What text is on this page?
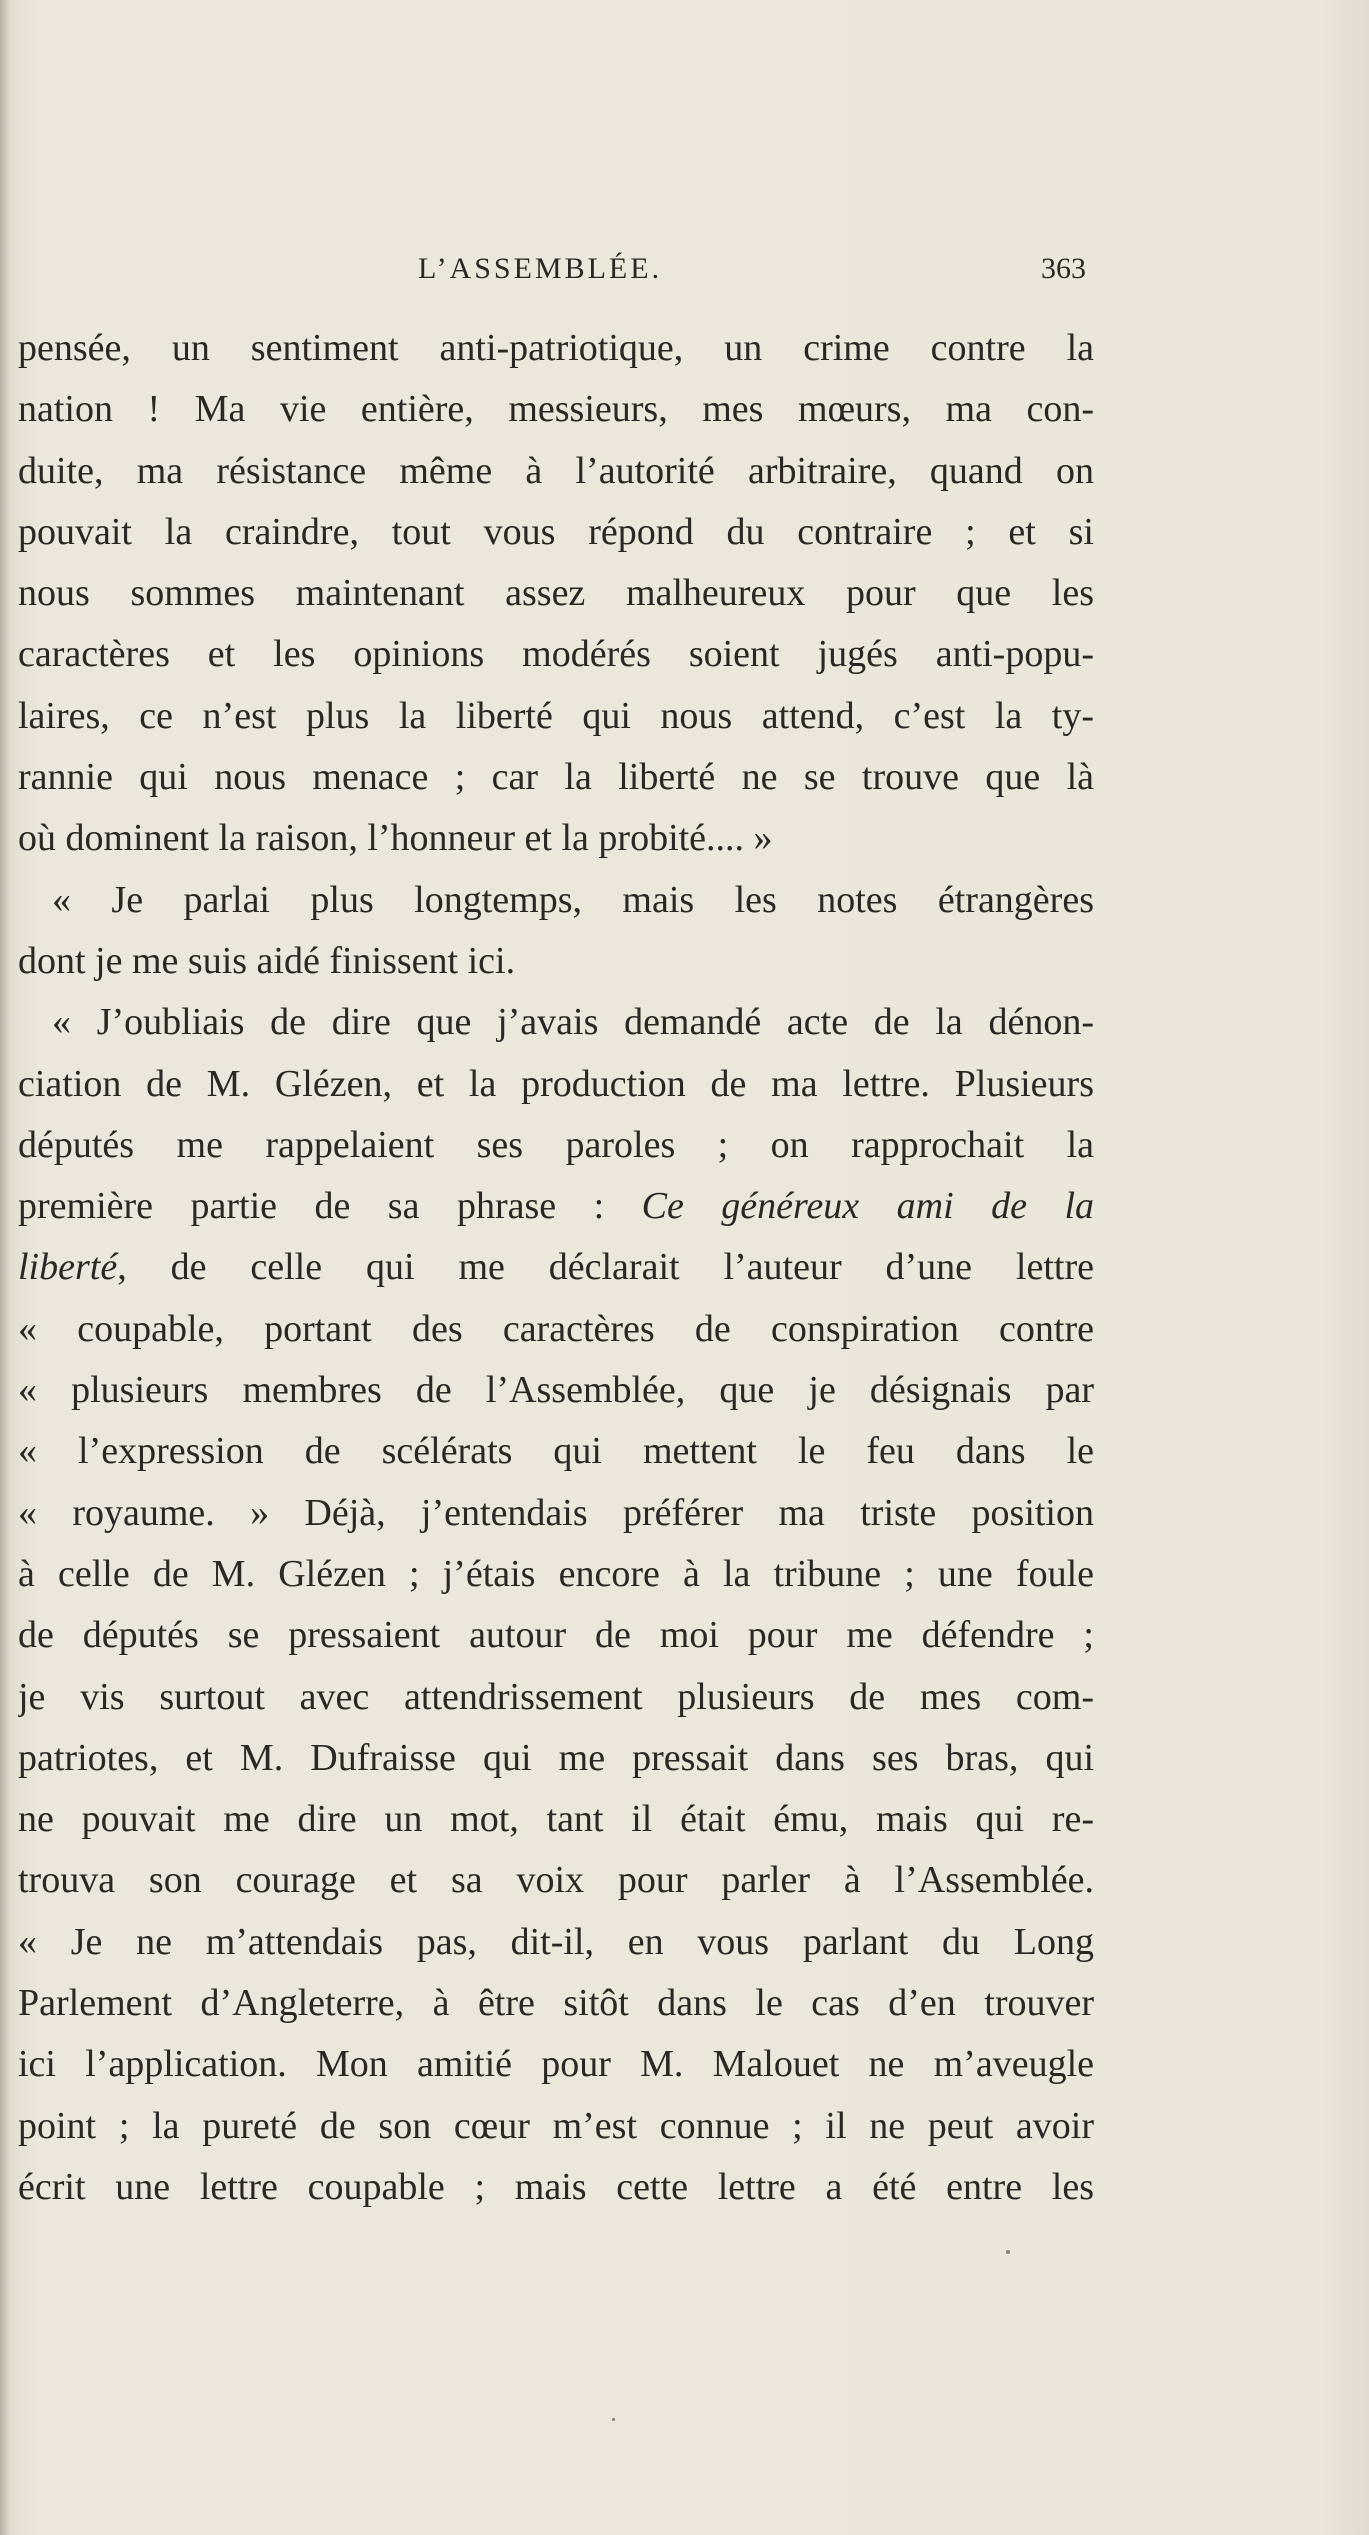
L’ASSEMBLÉE.	363
pensée, un sentiment anti-patriotique, un crime contre la
nation ! Ma vie entière, messieurs, mes mœurs, ma con-
duite, ma résistance même à l’autorité arbitraire, quand on
pouvait la craindre, tout vous répond du contraire ; et si
nous sommes maintenant assez malheureux pour que les
caractères et les opinions modérés soient jugés anti-popu-
laires, ce n’est plus la liberté qui nous attend, c’est la ty-
rannie qui nous menace ; car la liberté ne se trouve que là
où dominent la raison, l’honneur et la probité.... »
« Je parlai plus longtemps, mais les notes étrangères
dont je me suis aidé finissent ici.
« J’oubliais de dire que j’avais demandé acte de la dénon-
ciation de M. Glézen, et la production de ma lettre. Plusieurs
députés me rappelaient ses paroles ; on rapprochait la
première partie de sa phrase : Ce généreux ami de la
liberté, de celle qui me déclarait l’auteur d’une lettre
« coupable, portant des caractères de conspiration contre
« plusieurs membres de l’Assemblée, que je désignais par
« l’expression de scélérats qui mettent le feu dans le
« royaume. » Déjà, j’entendais préférer ma triste position
à celle de M. Glézen ; j’étais encore à la tribune ; une foule
de députés se pressaient autour de moi pour me défendre ;
je vis surtout avec attendrissement plusieurs de mes com-
patriotes, et M. Dufraisse qui me pressait dans ses bras, qui
ne pouvait me dire un mot, tant il était ému, mais qui re-
trouva son courage et sa voix pour parler à l’Assemblée.
« Je ne m’attendais pas, dit-il, en vous parlant du Long
Parlement d’Angleterre, à être sitôt dans le cas d’en trouver
ici l’application. Mon amitié pour M. Malouet ne m’aveugle
point ; la pureté de son cœur m’est connue ; il ne peut avoir
écrit une lettre coupable ; mais cette lettre a été entre les
